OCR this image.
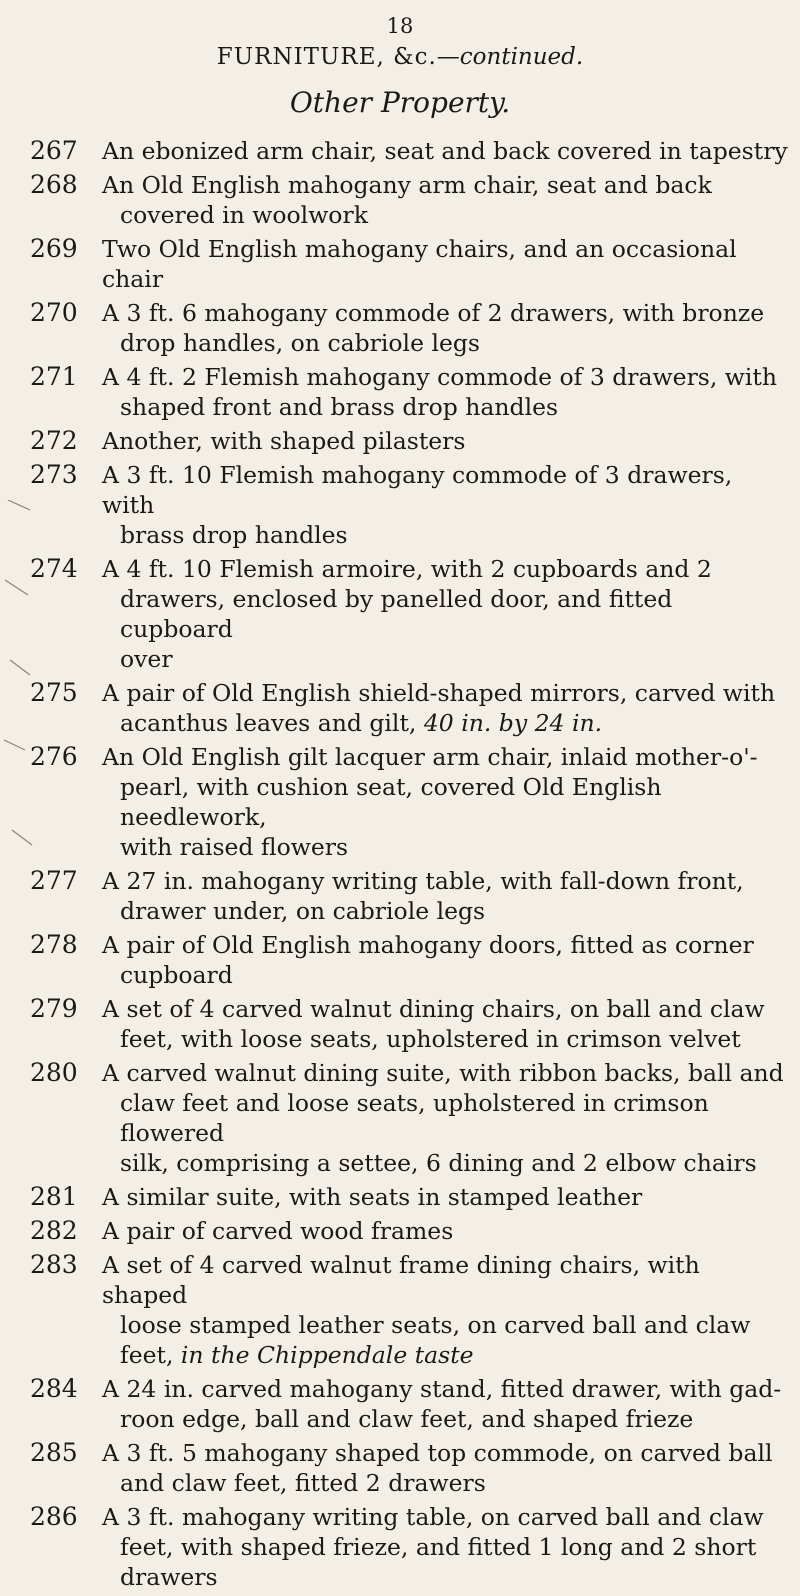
18
FURNITURE, &c.—continued.
Other Property.
267	An ebonized arm chair, seat and back covered in tapestry
268	An Old English mahogany arm chair, seat and back

covered in woolwork
269	Two Old English mahogany chairs, and an occasional chair
270	A 3 ft. 6 mahogany commode of 2 drawers, with bronze

drop handles, on cabriole legs
271	A 4 ft. 2 Flemish mahogany commode of 3 drawers, with

shaped front and brass drop handles
272	Another, with shaped pilasters
273	A 3 ft. 10 Flemish mahogany commode of 3 drawers, with

brass drop handles
274	A 4 ft. 10 Flemish armoire, with 2 cupboards and 2

drawers, enclosed by panelled door, and fitted cupboard
over
275	A pair of Old English shield-shaped mirrors, carved with

acanthus leaves and gilt, 40 in. by 24 in.
276	An Old English gilt lacquer arm chair, inlaid mother-o'-

pearl, with cushion seat, covered Old English needlework,
with raised flowers
277	A 27 in. mahogany writing table, with fall-down front,

drawer under, on cabriole legs
278	A pair of Old English mahogany doors, fitted as corner

cupboard
279	A set of 4 carved walnut dining chairs, on ball and claw

feet, with loose seats, upholstered in crimson velvet
280	A carved walnut dining suite, with ribbon backs, ball and

claw feet and loose seats, upholstered in crimson flowered
silk, comprising a settee, 6 dining and 2 elbow chairs
281	A similar suite, with seats in stamped leather
282	A pair of carved wood frames
283	A set of 4 carved walnut frame dining chairs, with shaped

loose stamped leather seats, on carved ball and claw
feet, in the Chippendale taste
284	A 24 in. carved mahogany stand, fitted drawer, with gad-

roon edge, ball and claw feet, and shaped frieze
285	A 3 ft. 5 mahogany shaped top commode, on carved ball

and claw feet, fitted 2 drawers
286	A 3 ft. mahogany writing table, on carved ball and claw

feet, with shaped frieze, and fitted 1 long and 2 short
drawers
